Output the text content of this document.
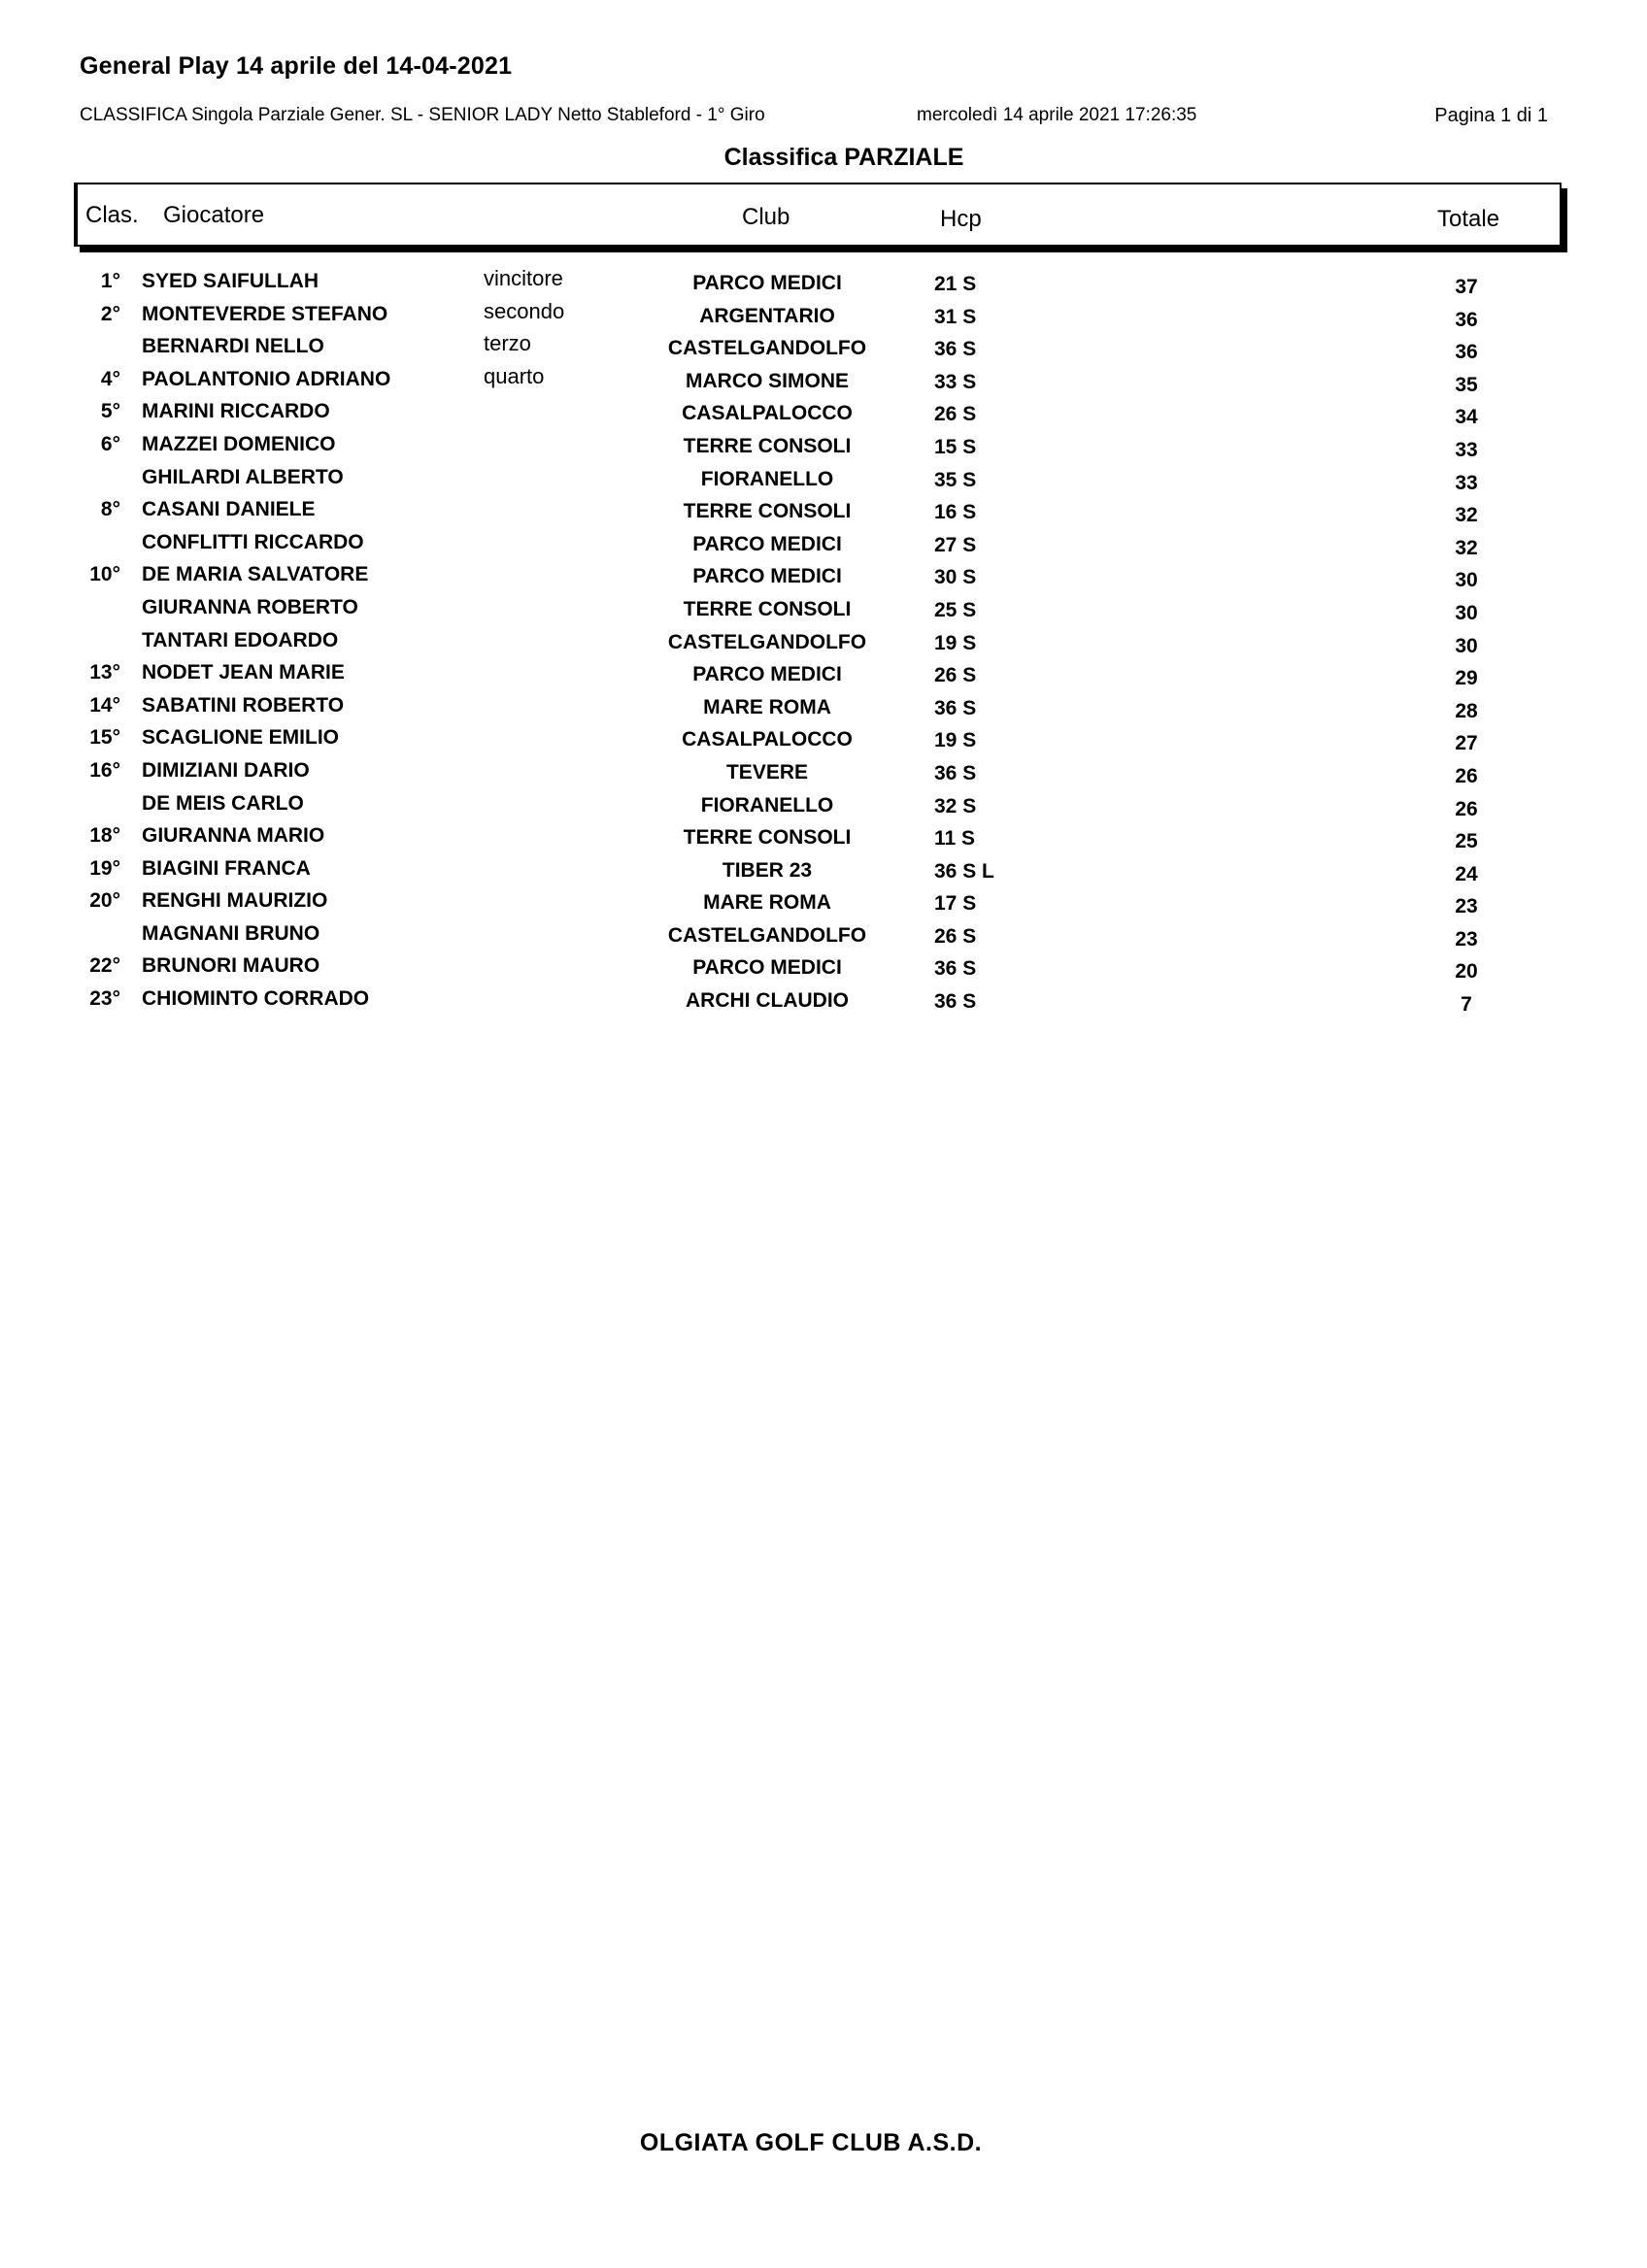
General Play 14 aprile del 14-04-2021
CLASSIFICA Singola Parziale Gener. SL - SENIOR LADY Netto Stableford - 1° Giro	mercoledì 14 aprile 2021 17:26:35	Pagina 1 di 1
Classifica PARZIALE
Clas. Giocatore	Club	Hcp	Totale
1° SYED SAIFULLAH	vincitore	PARCO MEDICI	21 S	37
2° MONTEVERDE STEFANO	secondo	ARGENTARIO	31 S	36
BERNARDI NELLO	terzo	CASTELGANDOLFO	36 S	36
4° PAOLANTONIO ADRIANO	quarto	MARCO SIMONE	33 S	35
5° MARINI RICCARDO	CASALPALOCCO	26 S	34
6° MAZZEI DOMENICO	TERRE CONSOLI	15 S	33
GHILARDI ALBERTO	FIORANELLO	35 S	33
8° CASANI DANIELE	TERRE CONSOLI	16 S	32
CONFLITTI RICCARDO	PARCO MEDICI	27 S	32
10° DE MARIA SALVATORE	PARCO MEDICI	30 S	30
GIURANNA ROBERTO	TERRE CONSOLI	25 S	30
TANTARI EDOARDO	CASTELGANDOLFO	19 S	30
13° NODET JEAN MARIE	PARCO MEDICI	26 S	29
14° SABATINI ROBERTO	MARE ROMA	36 S	28
15° SCAGLIONE EMILIO	CASALPALOCCO	19 S	27
16° DIMIZIANI DARIO	TEVERE	36 S	26
DE MEIS CARLO	FIORANELLO	32 S	26
18° GIURANNA MARIO	TERRE CONSOLI	11 S	25
19° BIAGINI FRANCA	TIBER 23	36 S L	24
20° RENGHI MAURIZIO	MARE ROMA	17 S	23
MAGNANI BRUNO	CASTELGANDOLFO	26 S	23
22° BRUNORI MAURO	PARCO MEDICI	36 S	20
23° CHIOMINTO CORRADO	ARCHI CLAUDIO	36 S	7
OLGIATA GOLF CLUB A.S.D.
